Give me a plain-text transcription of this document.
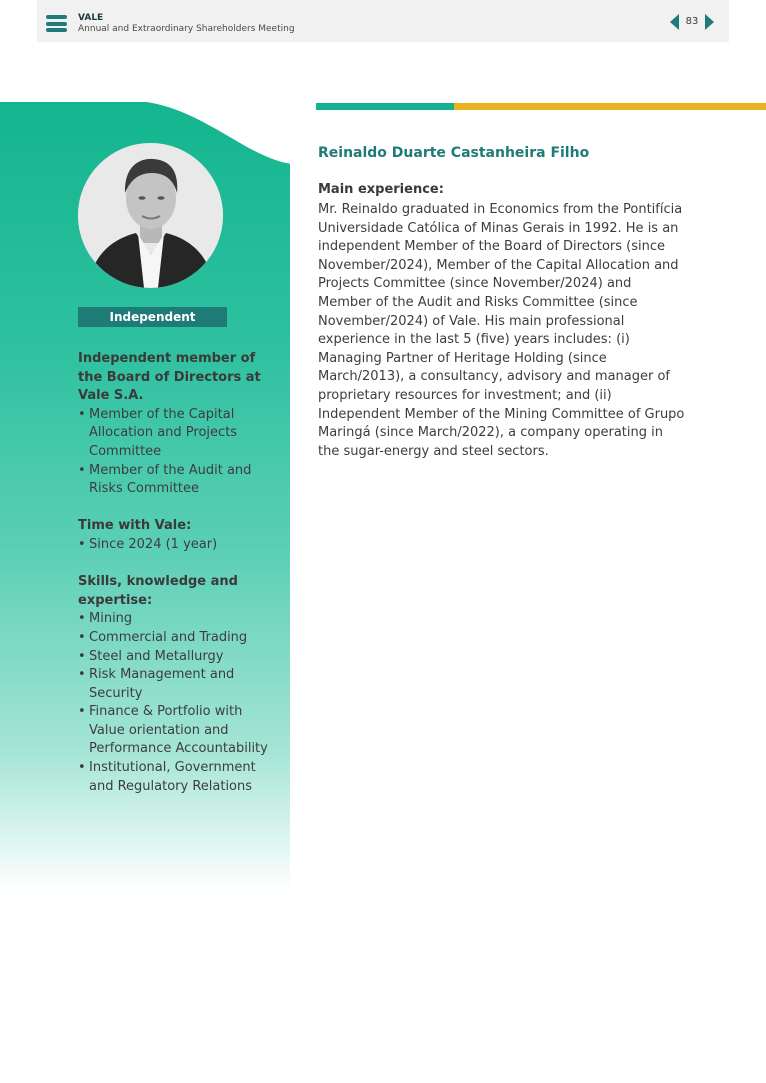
VALE
Annual and Extraordinary Shareholders Meeting
83
Independent

Independent member of the Board of Directors at Vale S.A.

• Member of the Capital Allocation and Projects Committee
• Member of the Audit and Risks Committee

Time with Vale:

• Since 2024 (1 year)

Skills, knowledge and expertise:

• Mining
• Commercial and Trading
• Steel and Metallurgy
• Risk Management and Security
• Finance & Portfolio with Value orientation and Performance Accountability
• Institutional, Government and Regulatory Relations
Reinaldo Duarte Castanheira Filho
Main experience:

Mr. Reinaldo graduated in Economics from the Pontifícia Universidade Católica of Minas Gerais in 1992. He is an independent Member of the Board of Directors (since November/2024), Member of the Capital Allocation and Projects Committee (since November/2024) and Member of the Audit and Risks Committee (since November/2024) of Vale. His main professional experience in the last 5 (five) years includes: (i) Managing Partner of Heritage Holding (since March/2013), a consultancy, advisory and manager of proprietary resources for investment; and (ii) Independent Member of the Mining Committee of Grupo Maringá (since March/2022), a company operating in the sugar-energy and steel sectors.
